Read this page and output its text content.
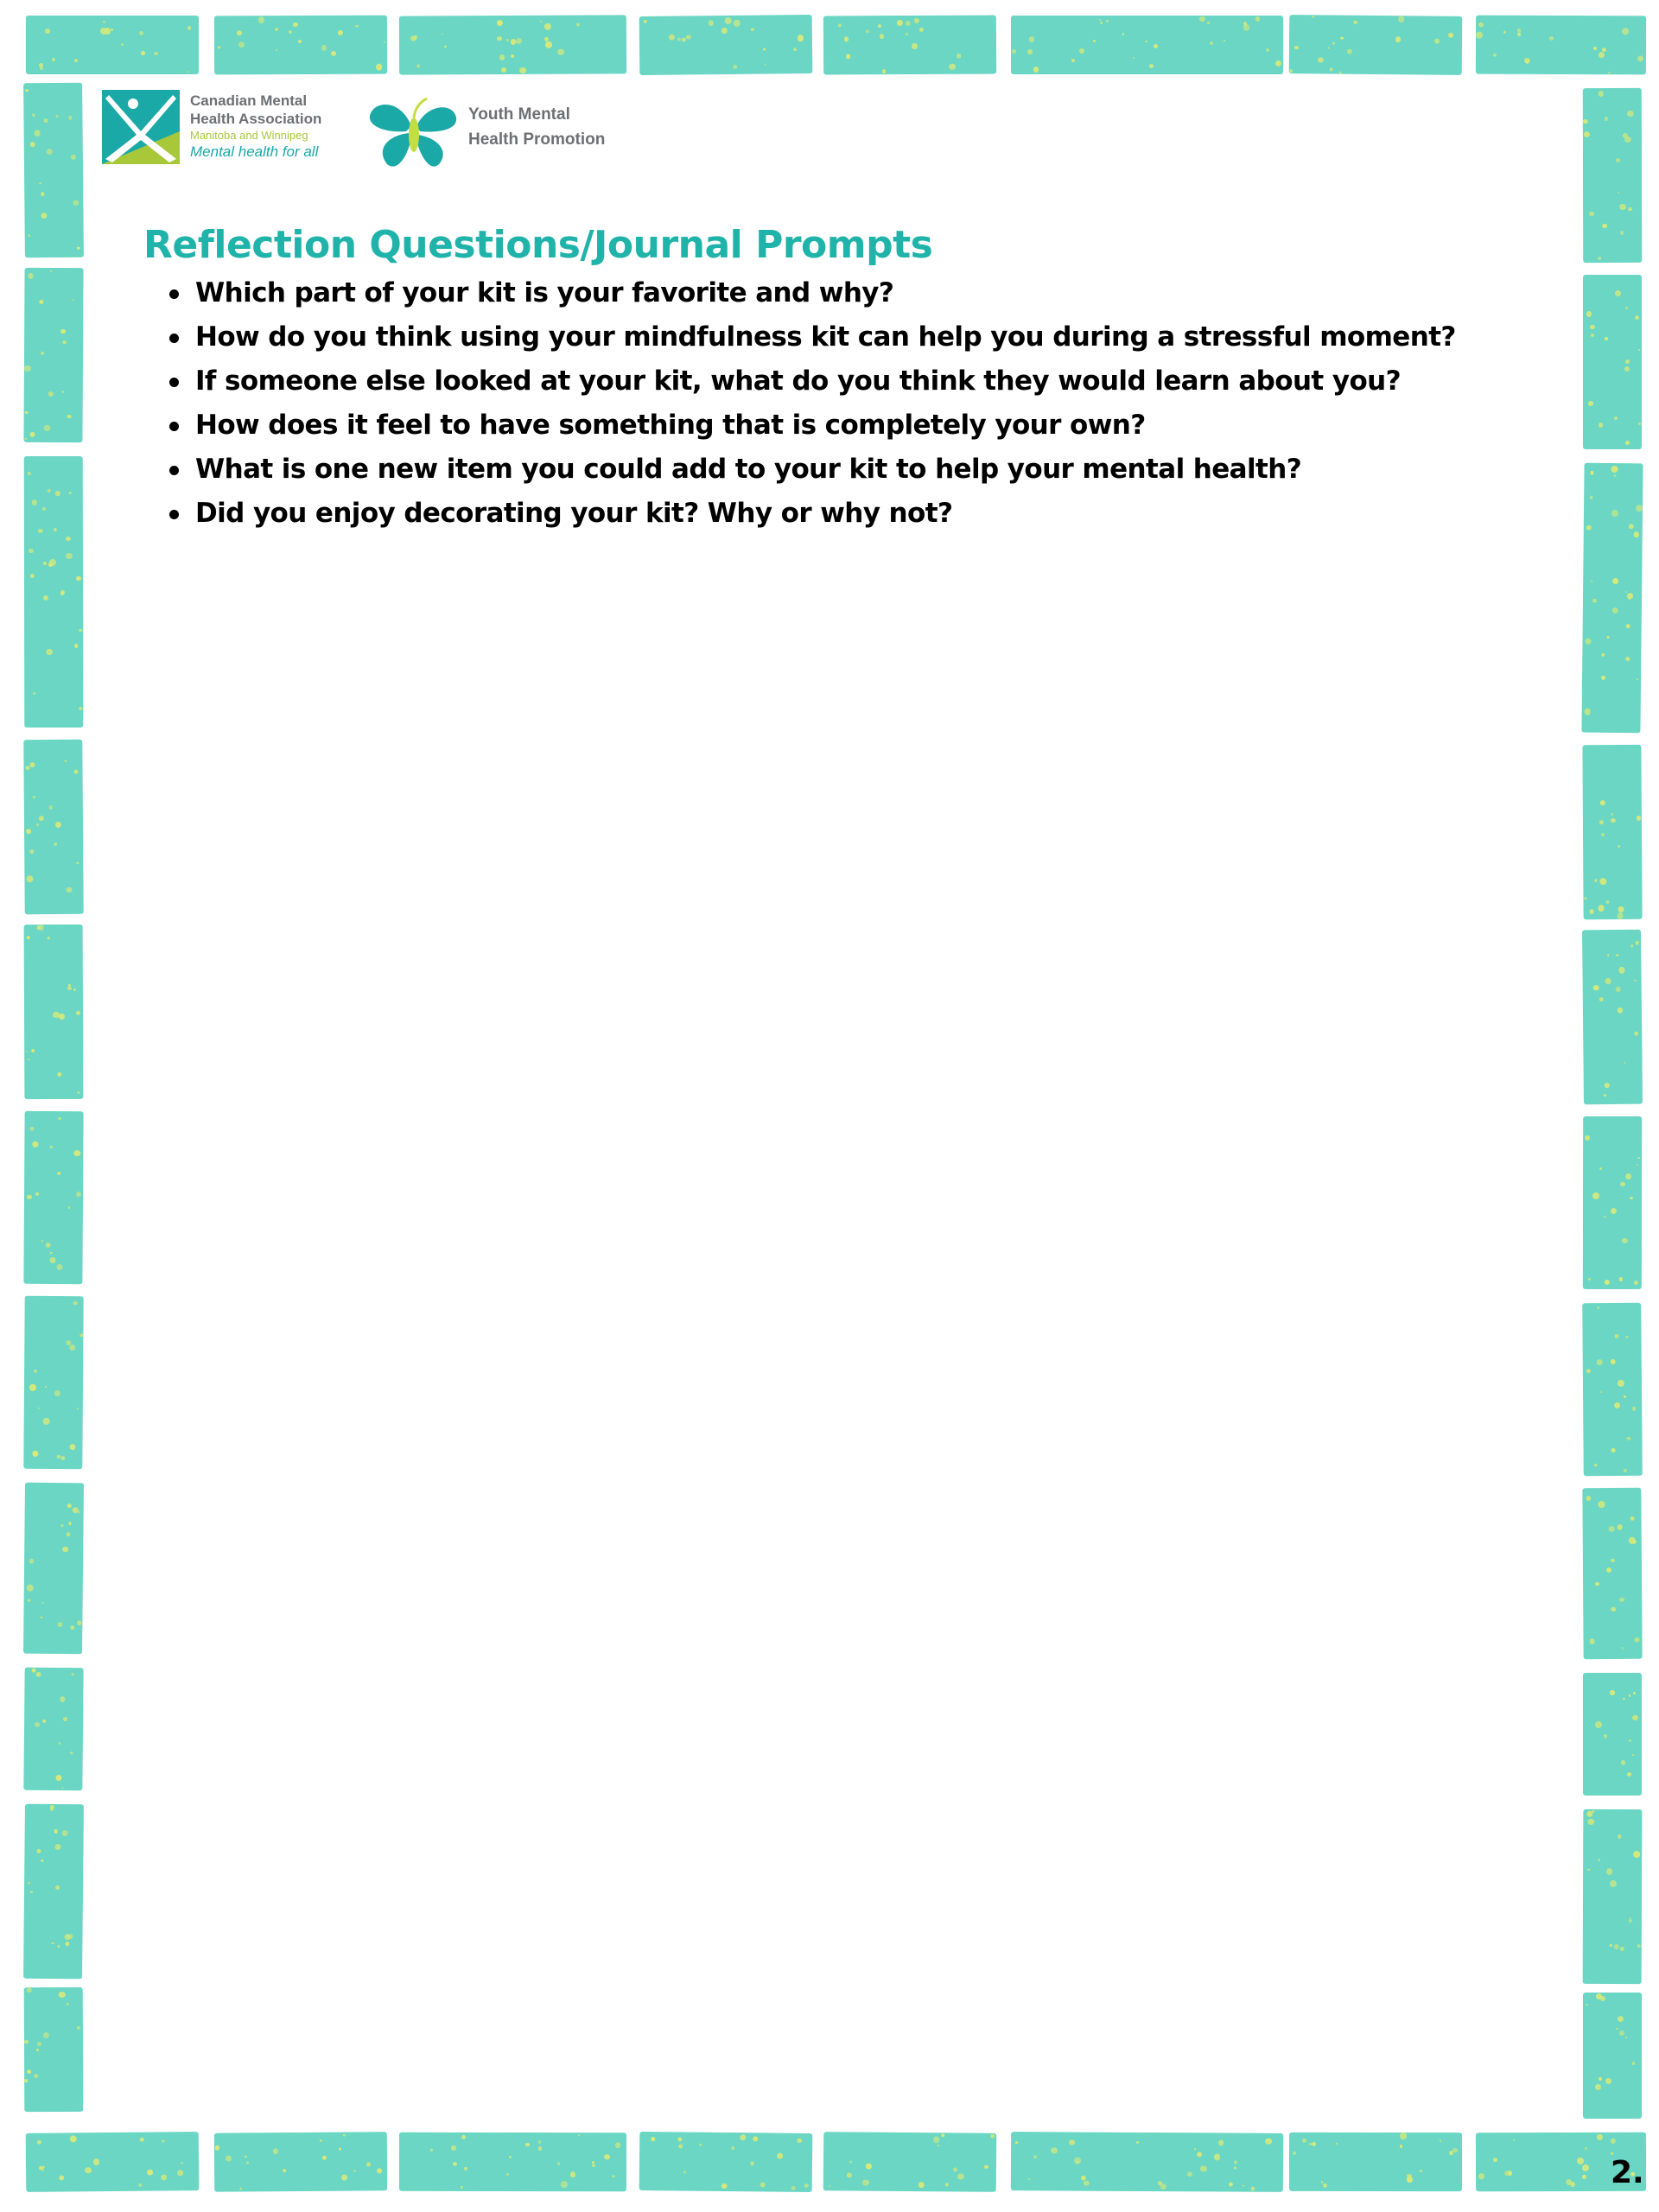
Canadian Mental
Health Association
Manitoba and Winnipeg
Mental health for all
Youth Mental
Health Promotion
Reflection Questions/Journal Prompts
Which part of your kit is your favorite and why?
How do you think using your mindfulness kit can help you during a stressful moment?
If someone else looked at your kit, what do you think they would learn about you?
How does it feel to have something that is completely your own?
What is one new item you could add to your kit to help your mental health?
Did you enjoy decorating your kit? Why or why not?
2.
